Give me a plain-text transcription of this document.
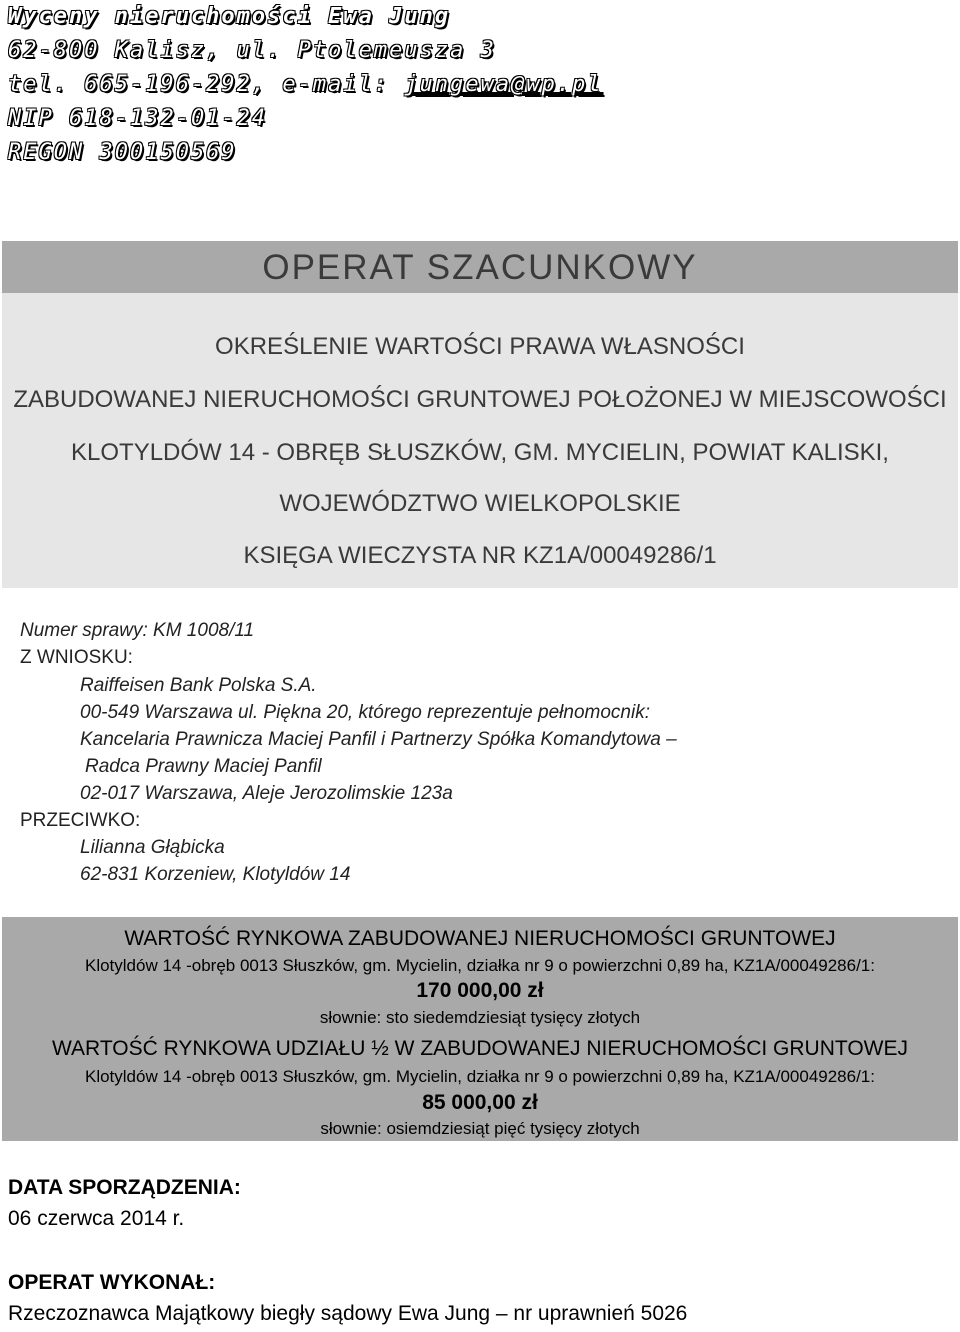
Wyceny nieruchomości Ewa Jung
62-800 Kalisz, ul. Ptolemeusza 3
tel. 665-196-292, e-mail: jungewa@wp.pl
NIP 618-132-01-24
REGON 300150569
OPERAT SZACUNKOWY
OKREŚLENIE WARTOŚCI PRAWA WŁASNOŚCI
ZABUDOWANEJ NIERUCHOMOŚCI GRUNTOWEJ POŁOŻONEJ W MIEJSCOWOŚCI
KLOTYLDÓW 14 - OBRĘB SŁUSZKÓW, GM. MYCIELIN, POWIAT KALISKI,
WOJEWÓDZTWO WIELKOPOLSKIE
KSIĘGA WIECZYSTA NR KZ1A/00049286/1
Numer sprawy: KM 1008/11
Z WNIOSKU:
Raiffeisen Bank Polska S.A.
00-549 Warszawa ul. Piękna 20, którego reprezentuje pełnomocnik:
Kancelaria Prawnicza Maciej Panfil i Partnerzy Spółka Komandytowa –
Radca Prawny Maciej Panfil
02-017 Warszawa, Aleje Jerozolimskie 123a
PRZECIWKO:
Lilianna Głąbicka
62-831 Korzeniew, Klotyldów 14
WARTOŚĆ RYNKOWA ZABUDOWANEJ NIERUCHOMOŚCI GRUNTOWEJ
Klotyldów 14 -obręb 0013 Słuszków, gm. Mycielin, działka nr 9 o powierzchni 0,89 ha, KZ1A/00049286/1:
170 000,00 zł
słownie: sto siedemdziesiąt tysięcy złotych
WARTOŚĆ RYNKOWA UDZIAŁU ½ W ZABUDOWANEJ NIERUCHOMOŚCI GRUNTOWEJ
Klotyldów 14 -obręb 0013 Słuszków, gm. Mycielin, działka nr 9 o powierzchni 0,89 ha, KZ1A/00049286/1:
85 000,00 zł
słownie: osiemdziesiąt pięć tysięcy złotych
DATA SPORZĄDZENIA:
06 czerwca 2014 r.
OPERAT WYKONAŁ:
Rzeczoznawca Majątkowy biegły sądowy Ewa Jung – nr uprawnień 5026
